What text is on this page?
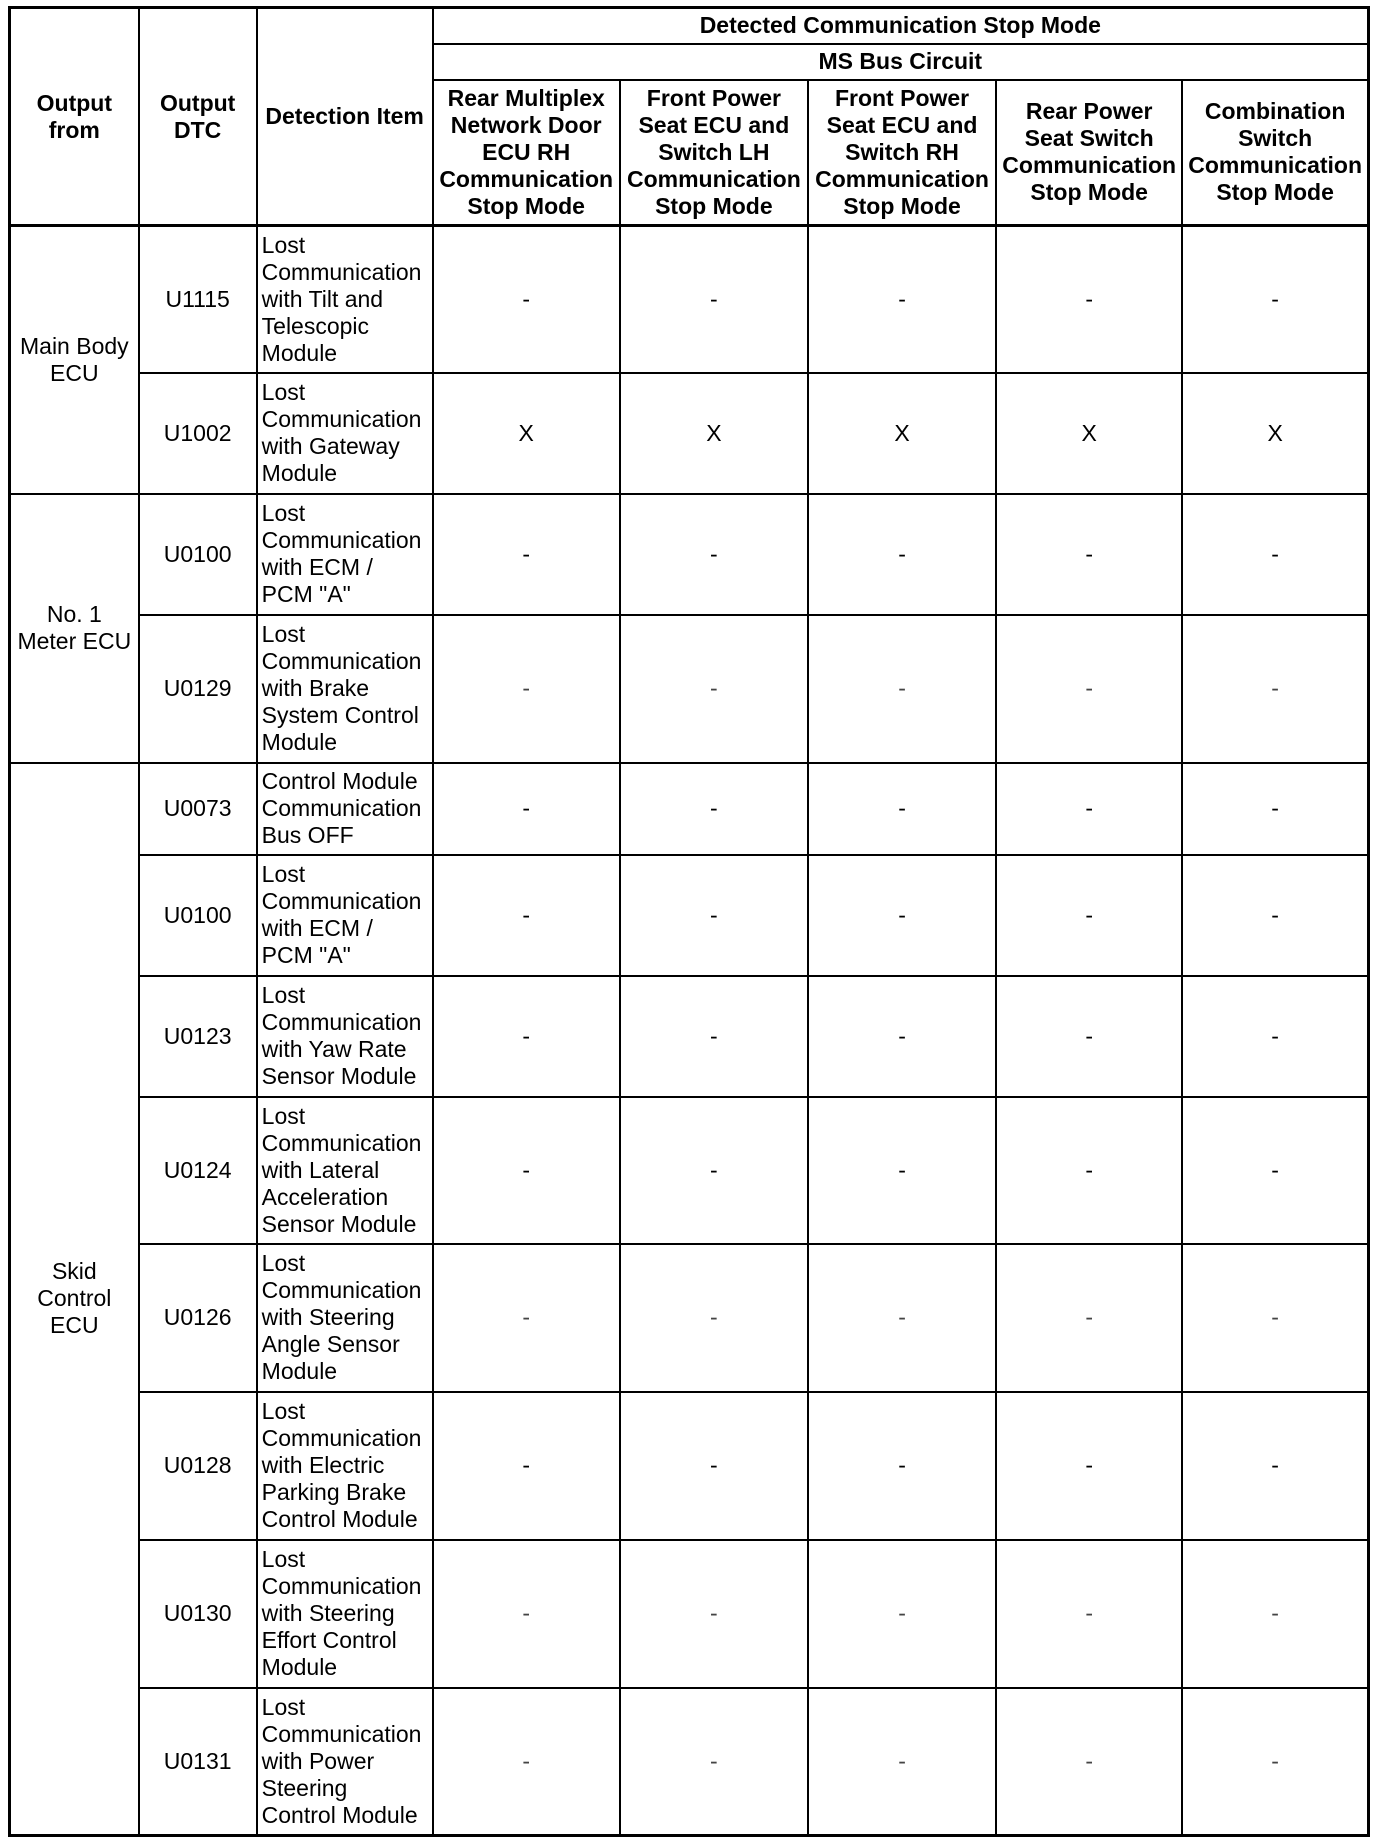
Output from	Output DTC	Detection Item	Detected Communication Stop Mode				
			MS Bus Circuit				
			Rear Multiplex Network Door ECU RH Communication Stop Mode	Front Power Seat ECU and Switch LH Communication Stop Mode	Front Power Seat ECU and Switch RH Communication Stop Mode	Rear Power Seat Switch Communication Stop Mode	Combination Switch Communication Stop Mode
Main Body ECU	U1115	Lost Communication with Tilt and Telescopic Module	-	-	-	-	-
	U1002	Lost Communication with Gateway Module	X	X	X	X	X
No. 1 Meter ECU	U0100	Lost Communication with ECM / PCM "A"	-	-	-	-	-
	U0129	Lost Communication with Brake System Control Module	-	-	-	-	-
Skid Control ECU	U0073	Control Module Communication Bus OFF	-	-	-	-	-
	U0100	Lost Communication with ECM / PCM "A"	-	-	-	-	-
	U0123	Lost Communication with Yaw Rate Sensor Module	-	-	-	-	-
	U0124	Lost Communication with Lateral Acceleration Sensor Module	-	-	-	-	-
	U0126	Lost Communication with Steering Angle Sensor Module	-	-	-	-	-
	U0128	Lost Communication with Electric Parking Brake Control Module	-	-	-	-	-
	U0130	Lost Communication with Steering Effort Control Module	-	-	-	-	-
	U0131	Lost Communication with Power Steering Control Module	-	-	-	-	-
